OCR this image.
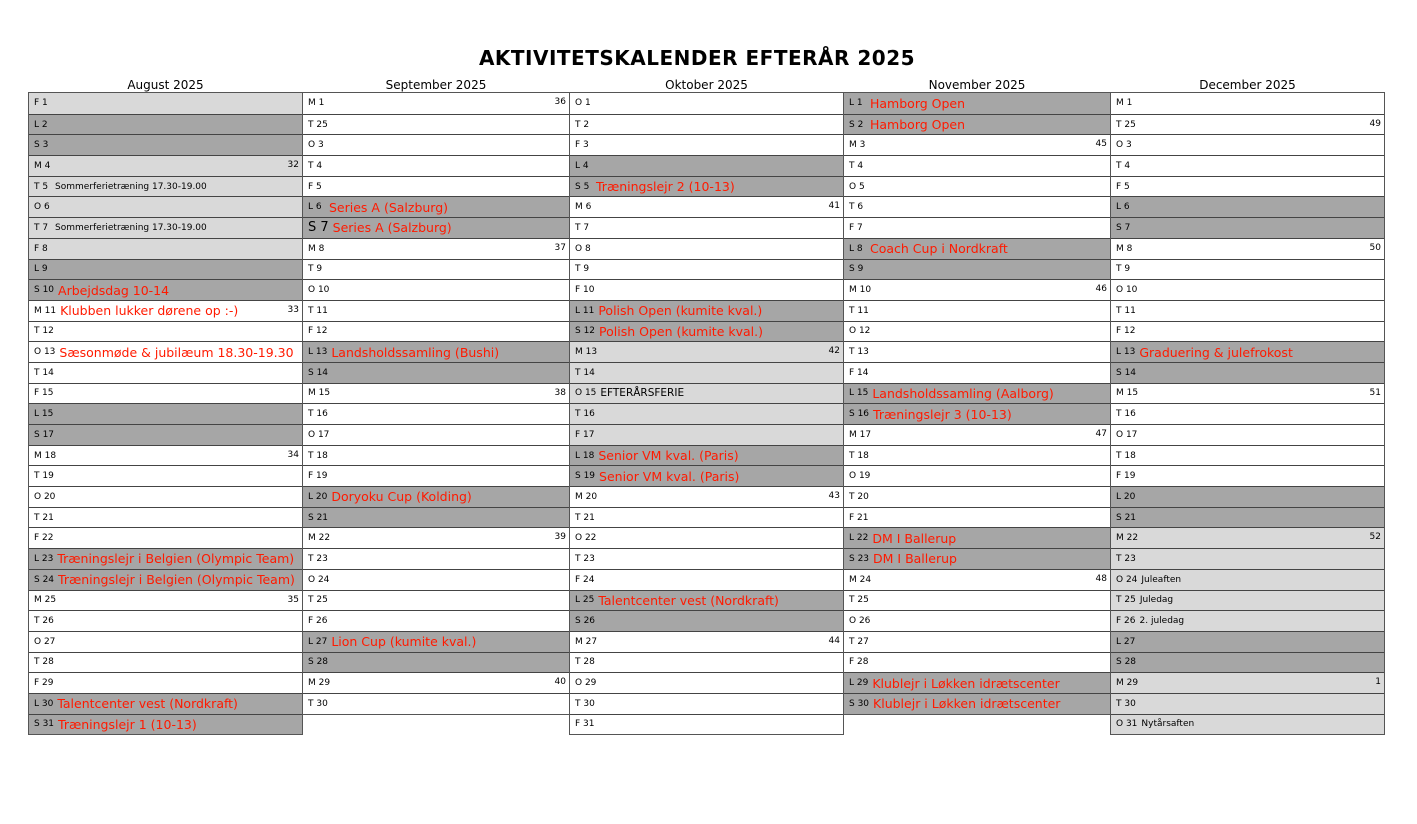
AKTIVITETSKALENDER EFTERÅR 2025
August 2025
F 1
L 2
S 3
M 4	32
T 5 Sommerferietræning 17.30-19.00
O 6
T 7 Sommerferietræning 17.30-19.00
F 8
L 9
S 10 Arbejdsdag 10-14
M 11 Klubben lukker dørene op :-)	33
T 12
O 13 Sæsonmøde & jubilæum 18.30-19.30
T 14
F 15
L 15
S 17
M 18	34
T 19
O 20
T 21
F 22
L 23 Træningslejr i Belgien (Olympic Team)
S 24 Træningslejr i Belgien (Olympic Team)
M 25	35
T 26
O 27
T 28
F 29
L 30 Talentcenter vest (Nordkraft)
S 31 Træningslejr 1 (10-13)
September 2025
M 1	36
T 25
O 3
T 4
F 5
L 6 Series A (Salzburg)
S 7 Series A (Salzburg)
M 8	37
T 9
O 10
T 11
F 12
L 13 Landsholdssamling (Bushi)
S 14
M 15	38
T 16
O 17
T 18
F 19
L 20 Doryoku Cup (Kolding)
S 21
M 22	39
T 23
O 24
T 25
F 26
L 27 Lion Cup (kumite kval.)
S 28
M 29	40
T 30
Oktober 2025
O 1
T 2
F 3
L 4
S 5 Træningslejr 2 (10-13)
M 6	41
T 7
O 8
T 9
F 10
L 11 Polish Open (kumite kval.)
S 12 Polish Open (kumite kval.)
M 13	42
T 14
O 15 EFTERÅRSFERIE
T 16
F 17
L 18 Senior VM kval. (Paris)
S 19 Senior VM kval. (Paris)
M 20	43
T 21
O 22
T 23
F 24
L 25 Talentcenter vest (Nordkraft)
S 26
M 27	44
T 28
O 29
T 30
F 31
November 2025
L 1 Hamborg Open
S 2 Hamborg Open
M 3	45
T 4
O 5
T 6
F 7
L 8 Coach Cup i Nordkraft
S 9
M 10	46
T 11
O 12
T 13
F 14
L 15 Landsholdssamling (Aalborg)
S 16 Træningslejr 3 (10-13)
M 17	47
T 18
O 19
T 20
F 21
L 22 DM I Ballerup
S 23 DM I Ballerup
M 24	48
T 25
O 26
T 27
F 28
L 29 Klublejr i Løkken idrætscenter
S 30 Klublejr i Løkken idrætscenter
December 2025
M 1
T 25	49
O 3
T 4
F 5
L 6
S 7
M 8	50
T 9
O 10
T 11
F 12
L 13 Graduering & julefrokost
S 14
M 15	51
T 16
O 17
T 18
F 19
L 20
S 21
M 22	52
T 23
O 24 Juleaften
T 25 Juledag
F 26 2. juledag
L 27
S 28
M 29	1
T 30
O 31 Nytårsaften
